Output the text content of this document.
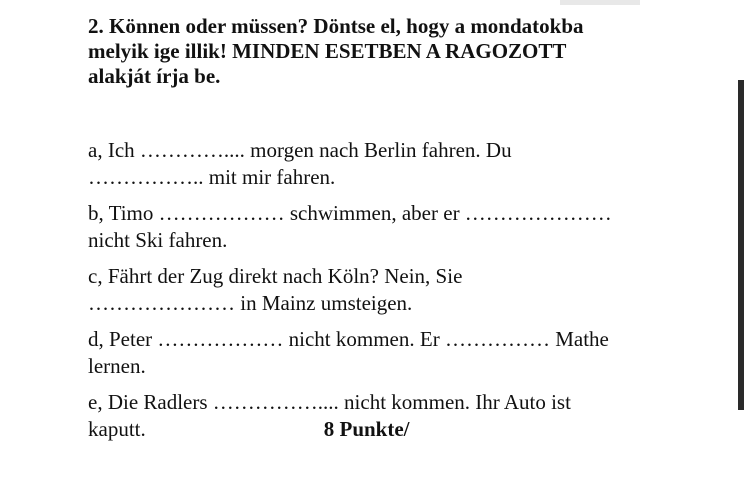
2. Können oder müssen? Döntse el, hogy a mondatokba
melyik ige illik! MINDEN ESETBEN A RAGOZOTT
alakját írja be.
a, Ich ………….... morgen nach Berlin fahren. Du
…………….. mit mir fahren.
b, Timo ……………… schwimmen, aber er …………………
nicht Ski fahren.
c, Fährt der Zug direkt nach Köln? Nein, Sie
………………… in Mainz umsteigen.
d, Peter ……………… nicht kommen. Er …………… Mathe
lernen.
e, Die Radlers …………….... nicht kommen. Ihr Auto ist
kaputt.	8 Punkte/
